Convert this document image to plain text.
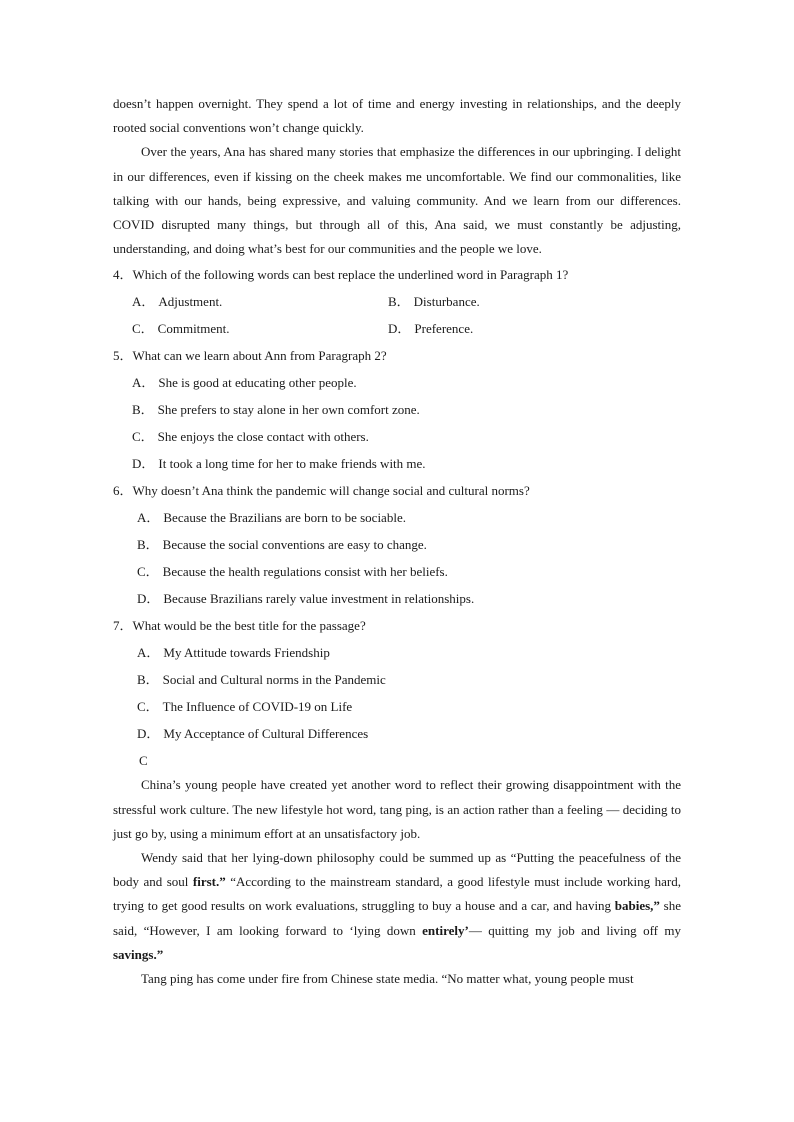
doesn’t happen overnight. They spend a lot of time and energy investing in relationships, and the deeply rooted social conventions won’t change quickly.

Over the years, Ana has shared many stories that emphasize the differences in our upbringing. I delight in our differences, even if kissing on the cheek makes me uncomfortable. We find our commonalities, like talking with our hands, being expressive, and valuing community. And we learn from our differences. COVID disrupted many things, but through all of this, Ana said, we must constantly be adjusting, understanding, and doing what’s best for our communities and the people we love.

4．Which of the following words can best replace the underlined word in Paragraph 1?

A． Adjustment.	B． Disturbance.
C． Commitment.	D． Preference.

5．What can we learn about Ann from Paragraph 2?

A． She is good at educating other people.
B． She prefers to stay alone in her own comfort zone.
C． She enjoys the close contact with others.
D． It took a long time for her to make friends with me.

6．Why doesn’t Ana think the pandemic will change social and cultural norms?

A． Because the Brazilians are born to be sociable.
B． Because the social conventions are easy to change.
C． Because the health regulations consist with her beliefs.
D． Because Brazilians rarely value investment in relationships.

7．What would be the best title for the passage?

A． My Attitude towards Friendship
B． Social and Cultural norms in the Pandemic
C． The Influence of COVID-19 on Life
D． My Acceptance of Cultural Differences
C

China’s young people have created yet another word to reflect their growing disappointment with the stressful work culture. The new lifestyle hot word, tang ping, is an action rather than a feeling — deciding to just go by, using a minimum effort at an unsatisfactory job.

Wendy said that her lying-down philosophy could be summed up as “Putting the peacefulness of the body and soul first.” “According to the mainstream standard, a good lifestyle must include working hard, trying to get good results on work evaluations, struggling to buy a house and a car, and having babies,” she said, “However, I am looking forward to ‘lying down entirely’— quitting my job and living off my savings.”

Tang ping has come under fire from Chinese state media. “No matter what, young people must
